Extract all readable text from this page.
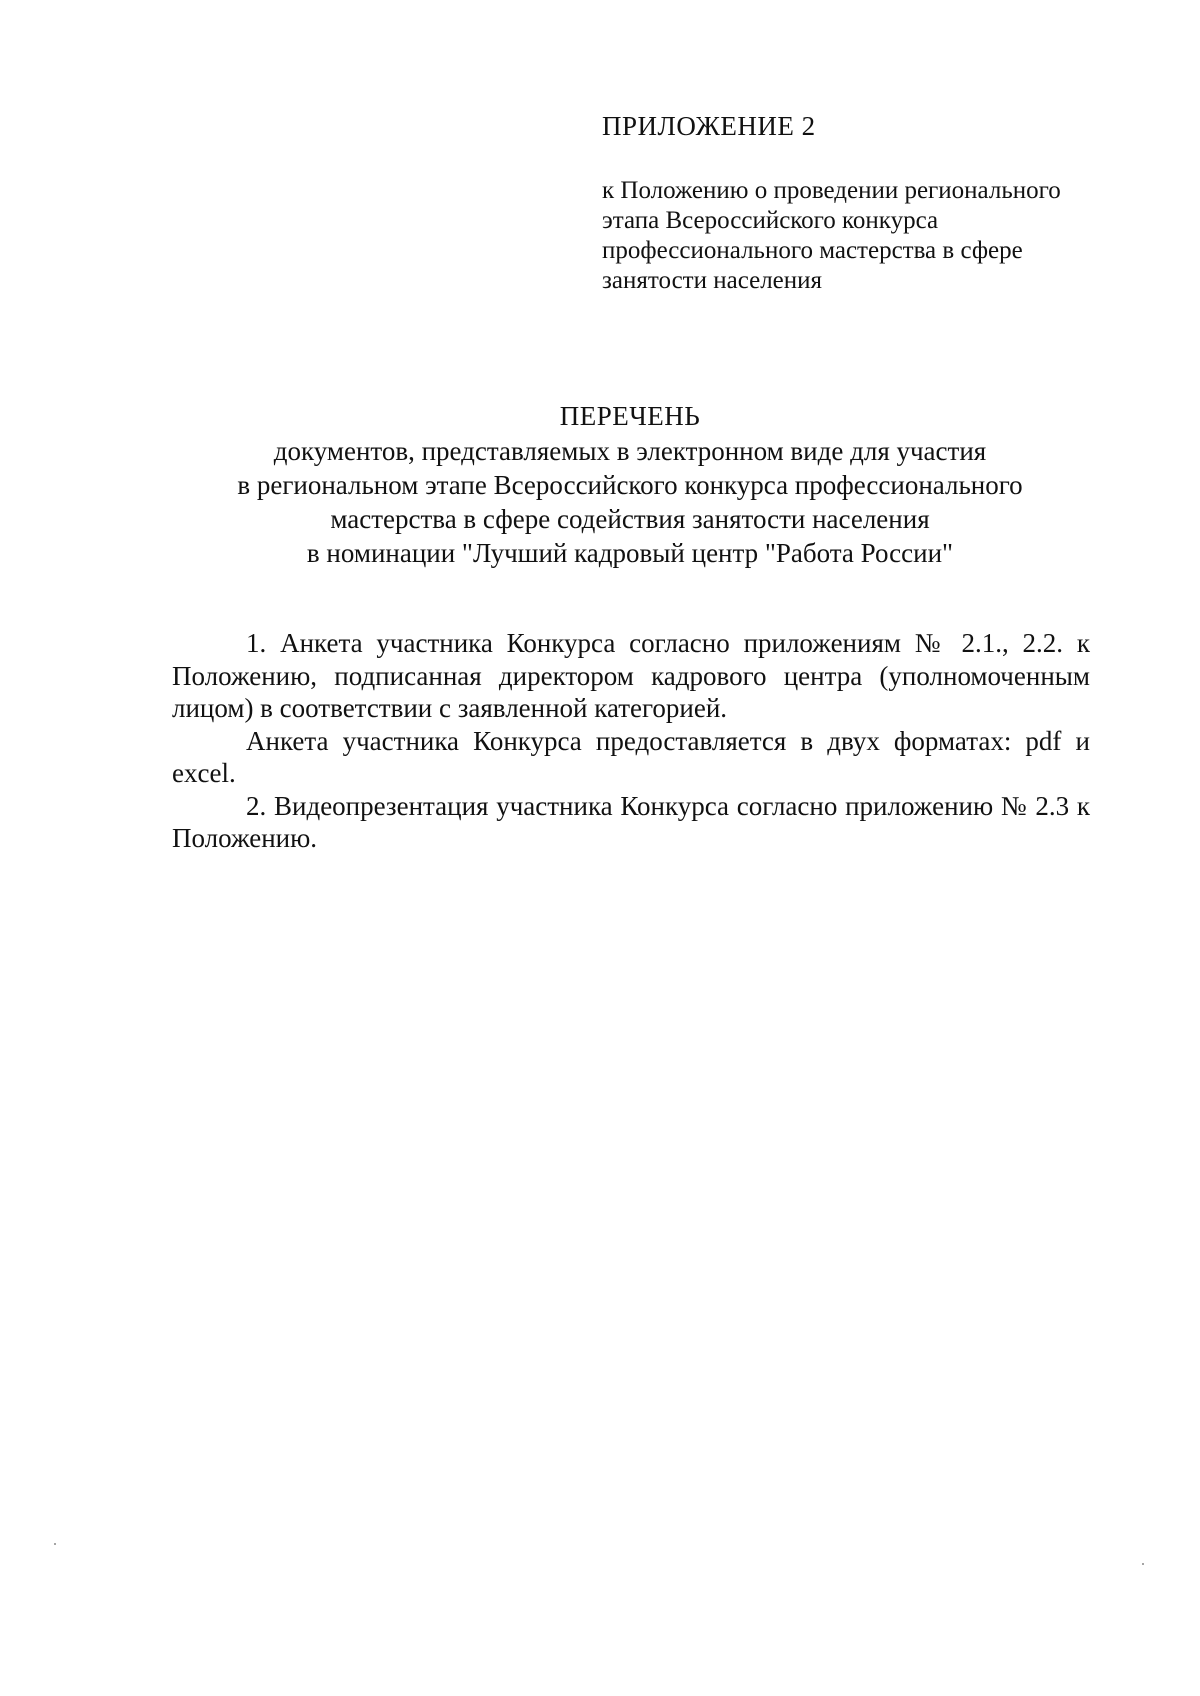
ПРИЛОЖЕНИЕ 2
к Положению о проведении регионального
этапа Всероссийского конкурса
профессионального мастерства в сфере
занятости населения
ПЕРЕЧЕНЬ
документов, представляемых в электронном виде для участия
в региональном этапе Всероссийского конкурса профессионального
мастерства в сфере содействия занятости населения
в номинации "Лучший кадровый центр "Работа России"

1. Анкета участника Конкурса согласно приложениям № 2.1., 2.2. к Положению, подписанная директором кадрового центра (уполномоченным лицом) в соответствии с заявленной категорией.

Анкета участника Конкурса предоставляется в двух форматах: pdf и excel.

2. Видеопрезентация участника Конкурса согласно приложению № 2.3 к Положению.
